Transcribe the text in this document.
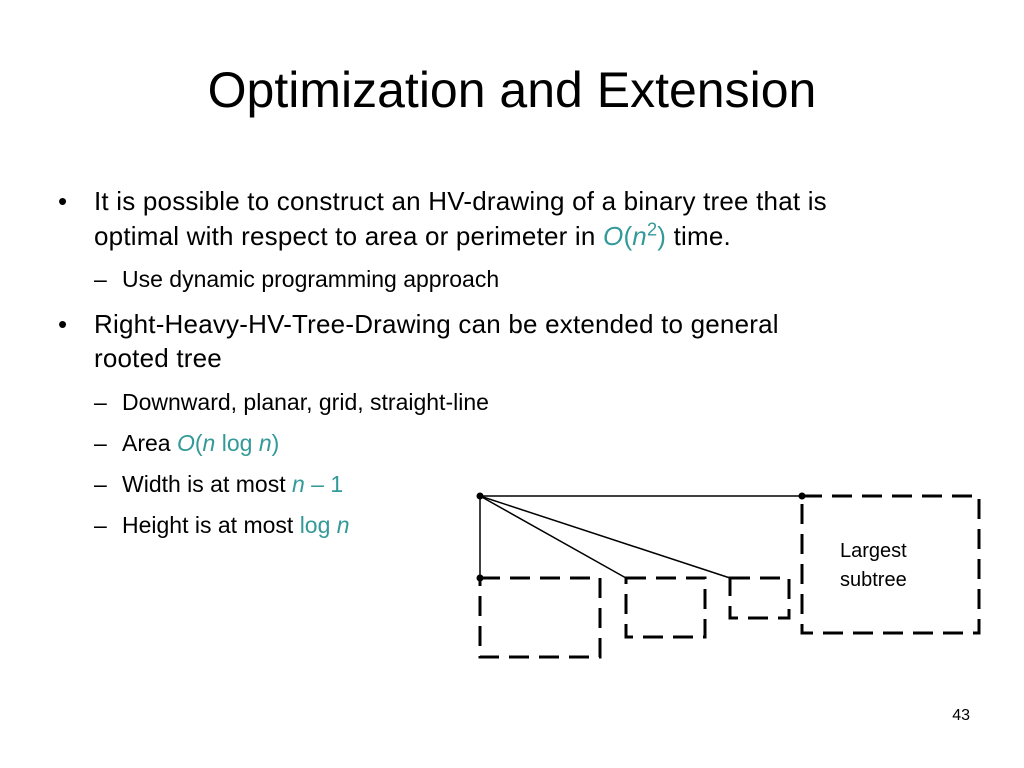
Optimization and Extension
• It is possible to construct an HV-drawing of a binary tree that is
optimal with respect to area or perimeter in $O(n^2)$ time.
– Use dynamic programming approach
• Right-Heavy-HV-Tree-Drawing can be extended to general
rooted tree
– Downward, planar, grid, straight-line
– Area O(n log n)
– Width is at most n – 1
– Height is at most log n
Largest
subtree
43
